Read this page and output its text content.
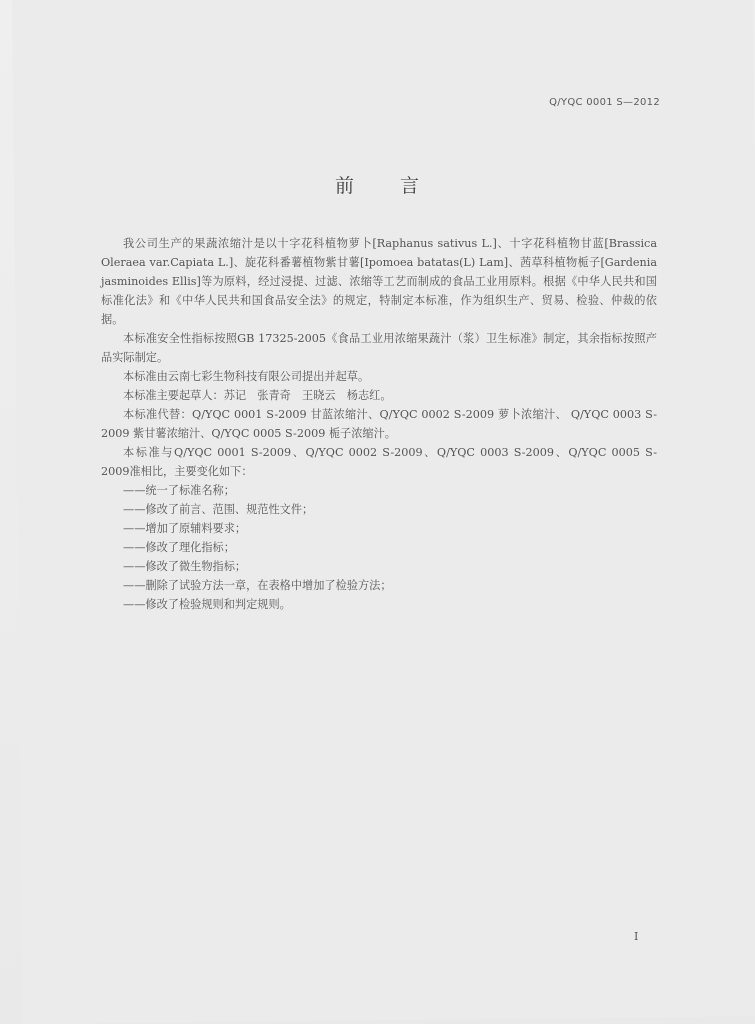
Q/YQC 0001 S—2012
前 言

我公司生产的果蔬浓缩汁是以十字花科植物萝卜[Raphanus sativus L.]、十字花科植物甘蓝[Brassica Oleraea var.Capiata L.]、旋花科番薯植物紫甘薯[Ipomoea batatas(L) Lam]、茜草科植物栀子[Gardenia jasminoides Ellis]等为原料，经过浸提、过滤、浓缩等工艺而制成的食品工业用原料。根据《中华人民共和国标准化法》和《中华人民共和国食品安全法》的规定，特制定本标准，作为组织生产、贸易、检验、仲裁的依据。

本标准安全性指标按照GB 17325-2005《食品工业用浓缩果蔬汁（浆）卫生标准》制定，其余指标按照产品实际制定。

本标准由云南七彩生物科技有限公司提出并起草。

本标准主要起草人：苏记　张青奇　王晓云　杨志红。

本标准代替：Q/YQC 0001 S-2009 甘蓝浓缩汁、Q/YQC 0002 S-2009 萝卜浓缩汁、 Q/YQC 0003 S-2009 紫甘薯浓缩汁、Q/YQC 0005 S-2009 栀子浓缩汁。

本标准与Q/YQC 0001 S-2009、Q/YQC 0002 S-2009、Q/YQC 0003 S-2009、Q/YQC 0005 S-2009准相比，主要变化如下：

——统一了标准名称；
——修改了前言、范围、规范性文件；
——增加了原辅料要求；
——修改了理化指标；
——修改了微生物指标；
——删除了试验方法一章，在表格中增加了检验方法；
——修改了检验规则和判定规则。
I
